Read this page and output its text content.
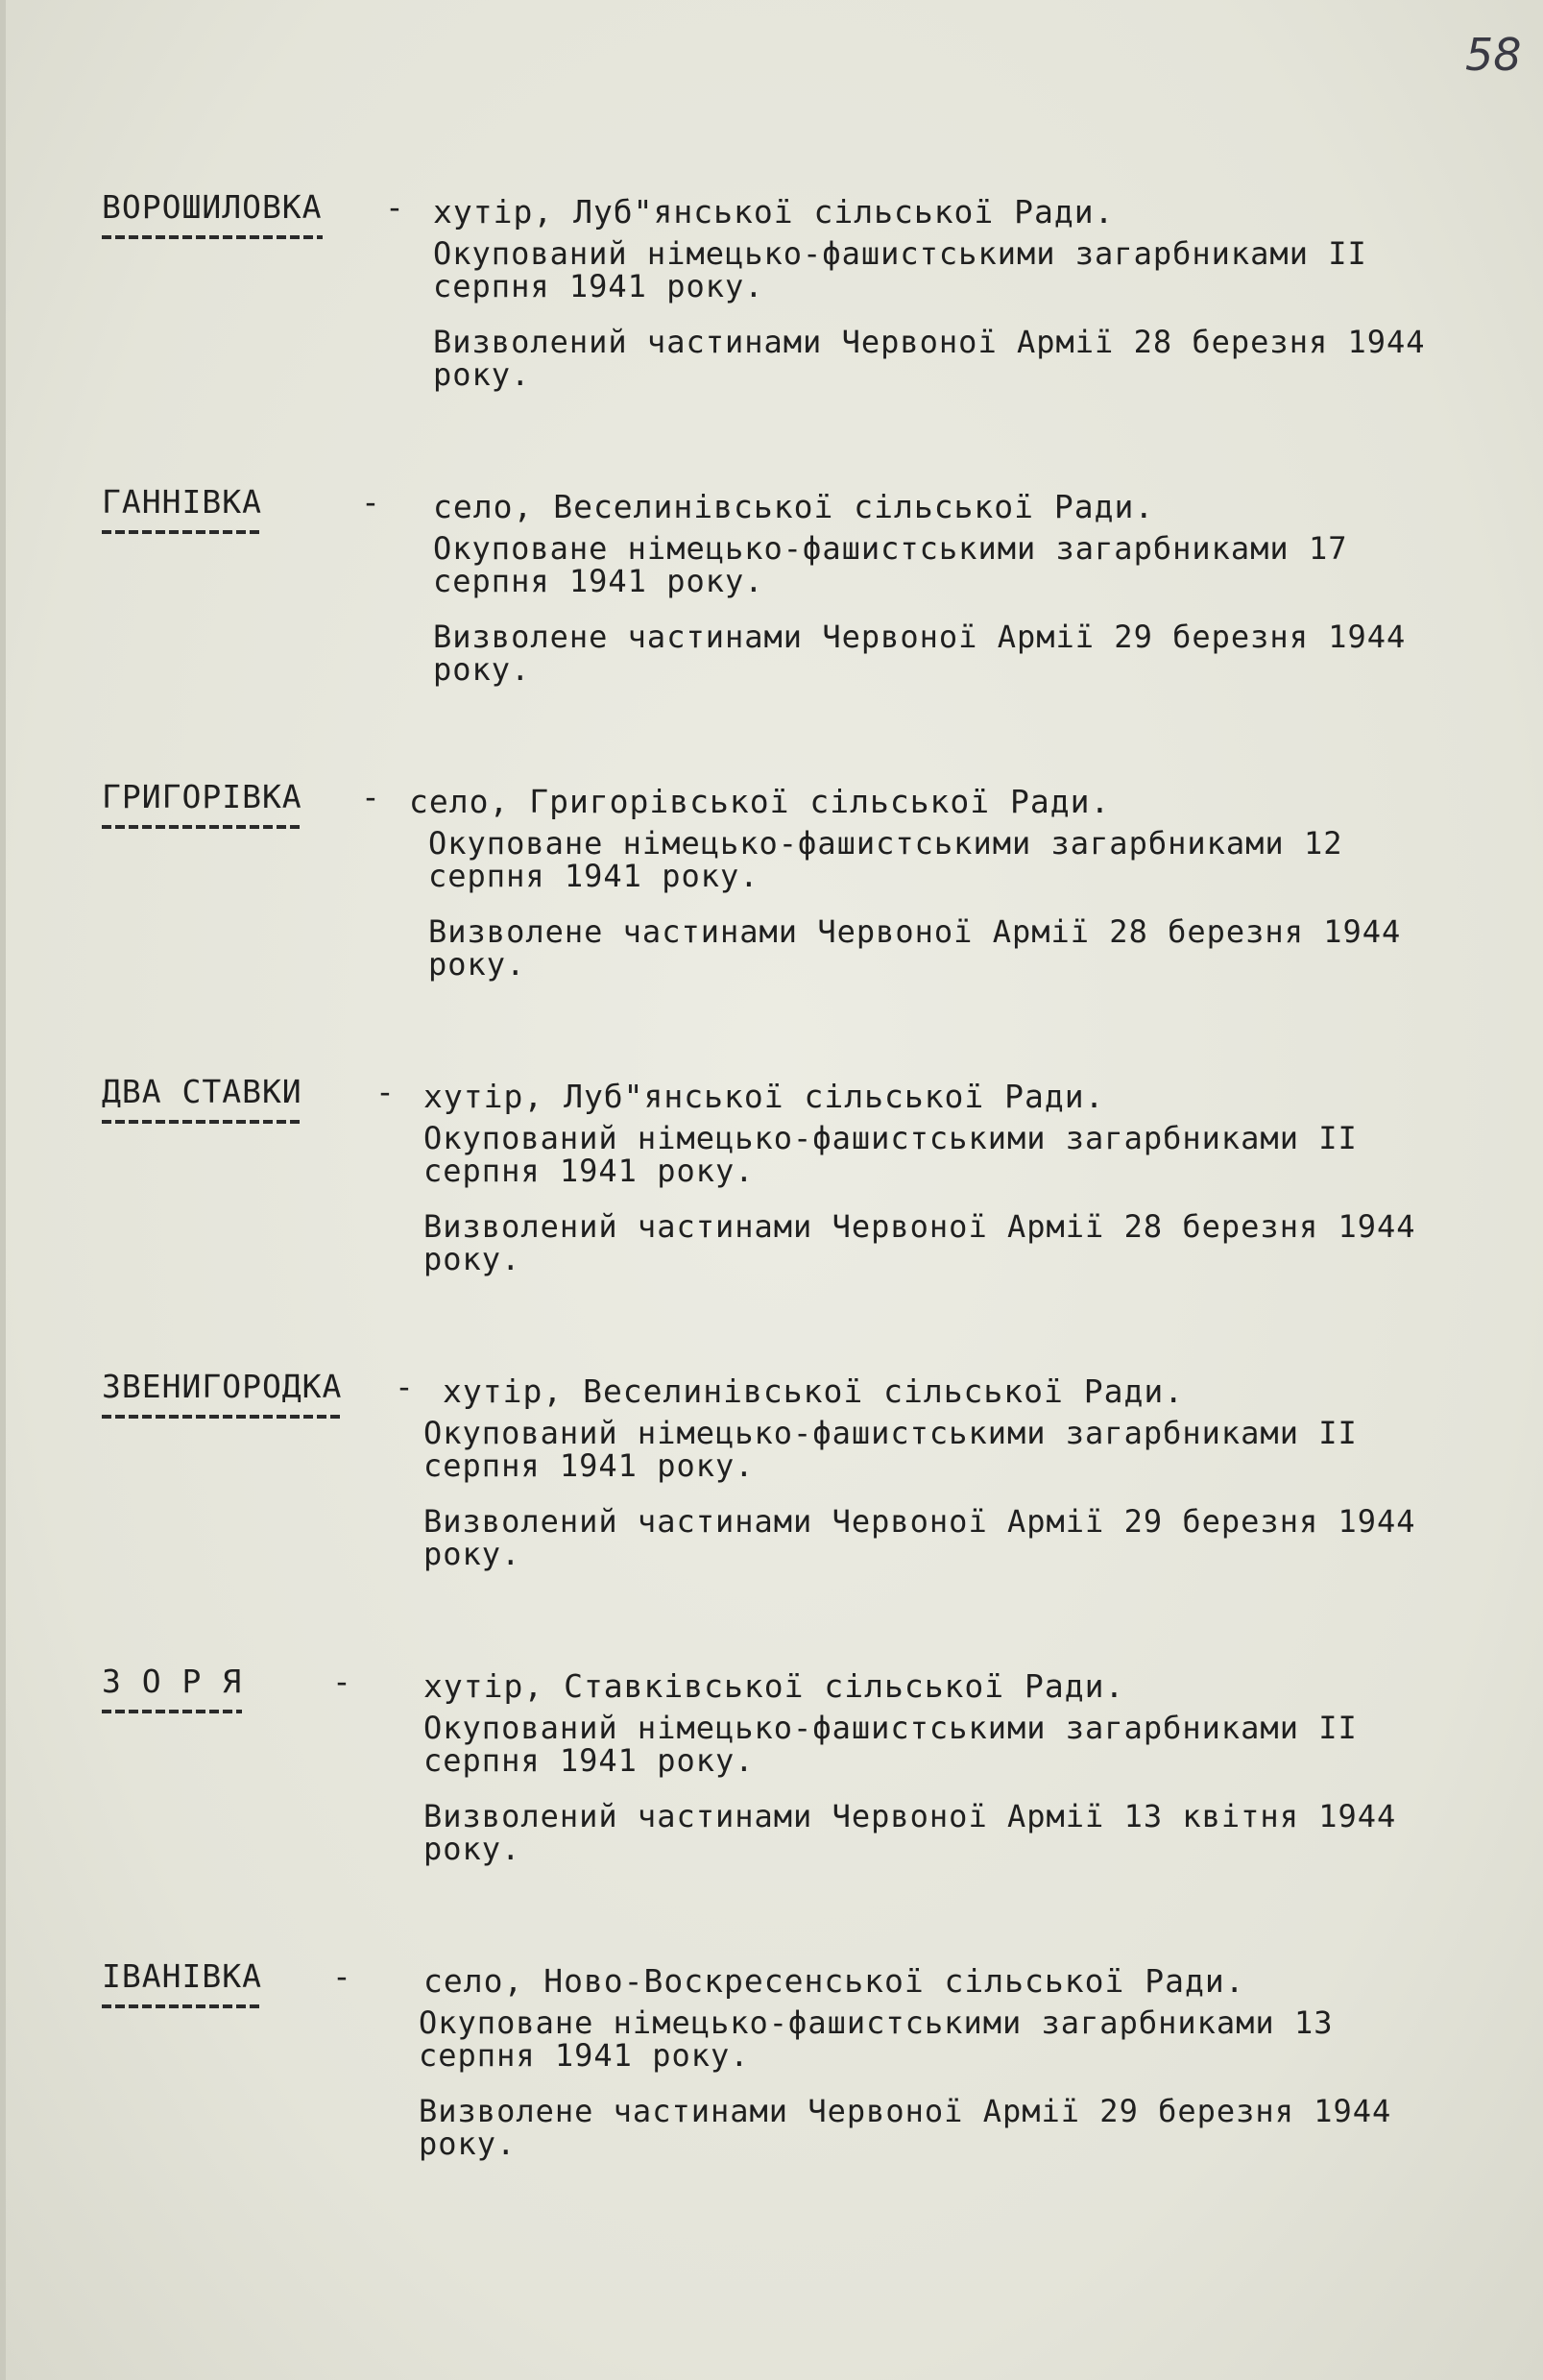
58
ВОРОШИЛОВКА - хутір, Луб"янської сільської Ради.

Окупований німецько-фашистськими загарбниками II серпня 1941 року.

Визволений частинами Червоної Армії 28 березня 1944 року.

ГАННІВКА	- село, Веселинівської сільської Ради.

Окуповане німецько-фашистськими загарбниками 17 серпня 1941 року.

Визволене частинами Червоної Армії 29 березня 1944 року.

ГРИГОРІВКА - село, Григорівської сільської Ради.

Окуповане німецько-фашистськими загарбниками 12 серпня 1941 року.

Визволене частинами Червоної Армії 28 березня 1944 року.

ДВА СТАВКИ - хутір, Луб"янської сільської Ради.

Окупований німецько-фашистськими загарбниками II серпня 1941 року.

Визволений частинами Червоної Армії 28 березня 1944 року.

ЗВЕНИГОРОДКА - хутір, Веселинівської сільської Ради.

Окупований німецько-фашистськими загарбниками II серпня 1941 року.

Визволений частинами Червоної Армії 29 березня 1944 року.

З О Р Я	- хутір, Ставківської сільської Ради.

Окупований німецько-фашистськими загарбниками II серпня 1941 року.

Визволений частинами Червоної Армії 13 квітня 1944 року.

ІВАНІВКА - село, Ново-Воскресенської сільської Ради.

Окуповане німецько-фашистськими загарбниками 13 серпня 1941 року.

Визволене частинами Червоної Армії 29 березня 1944 року.
